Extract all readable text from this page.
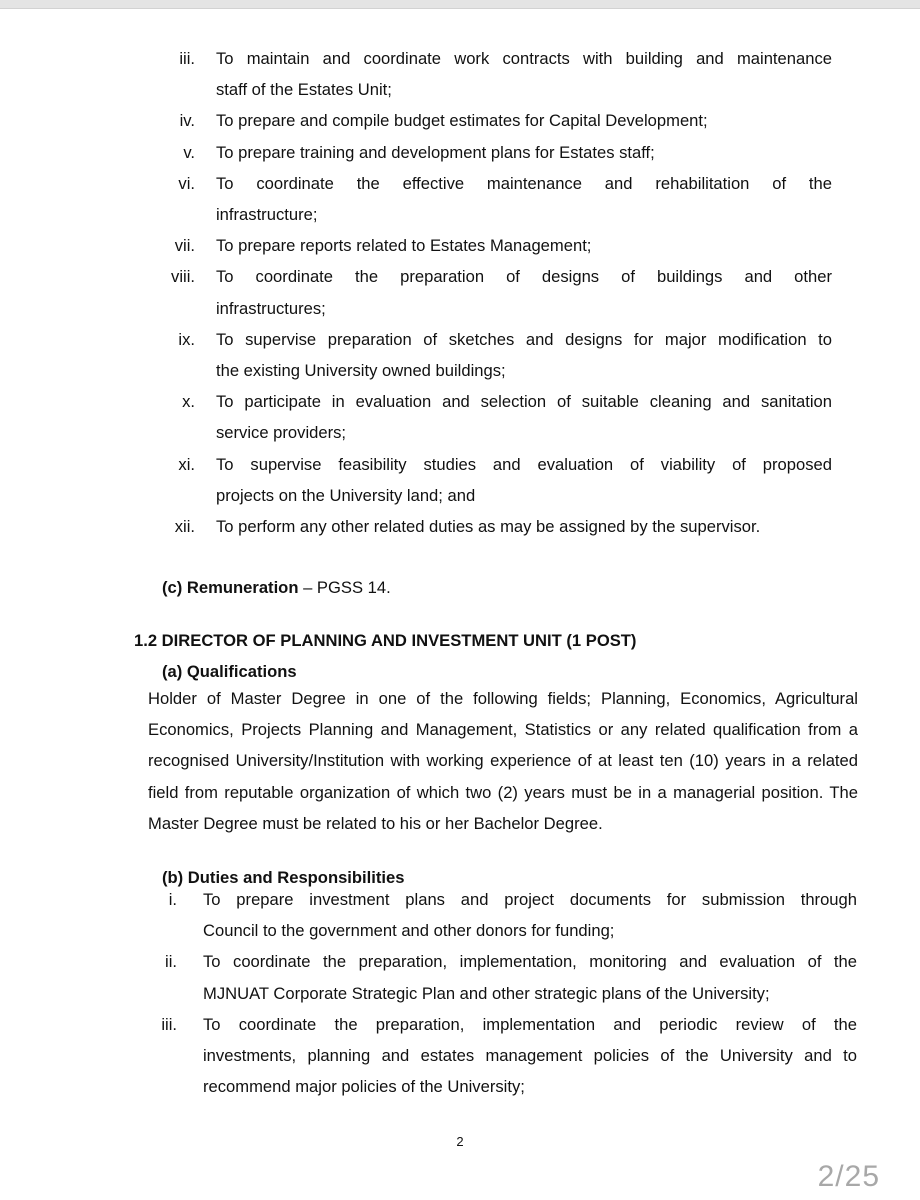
iii. To maintain and coordinate work contracts with building and maintenance
staff of the Estates Unit;
iv. To prepare and compile budget estimates for Capital Development;
v. To prepare training and development plans for Estates staff;
vi. To coordinate the effective maintenance and rehabilitation of the
infrastructure;
vii. To prepare reports related to Estates Management;
viii. To coordinate the preparation of designs of buildings and other
infrastructures;
ix. To supervise preparation of sketches and designs for major modification to
the existing University owned buildings;
x. To participate in evaluation and selection of suitable cleaning and sanitation
service providers;
xi. To supervise feasibility studies and evaluation of viability of proposed
projects on the University land; and
xii. To perform any other related duties as may be assigned by the supervisor.
(c) Remuneration – PGSS 14.
1.2 DIRECTOR OF PLANNING AND INVESTMENT UNIT (1 POST)
(a) Qualifications
Holder of Master Degree in one of the following fields; Planning, Economics, Agricultural Economics, Projects Planning and Management, Statistics or any related qualification from a recognised University/Institution with working experience of at least ten (10) years in a related field from reputable organization of which two (2) years must be in a managerial position. The Master Degree must be related to his or her Bachelor Degree.
(b) Duties and Responsibilities
i. To prepare investment plans and project documents for submission through
Council to the government and other donors for funding;
ii. To coordinate the preparation, implementation, monitoring and evaluation of the
MJNUAT Corporate Strategic Plan and other strategic plans of the University;
iii. To coordinate the preparation, implementation and periodic review of the
investments, planning and estates management policies of the University and to
recommend major policies of the University;
2
2/25
